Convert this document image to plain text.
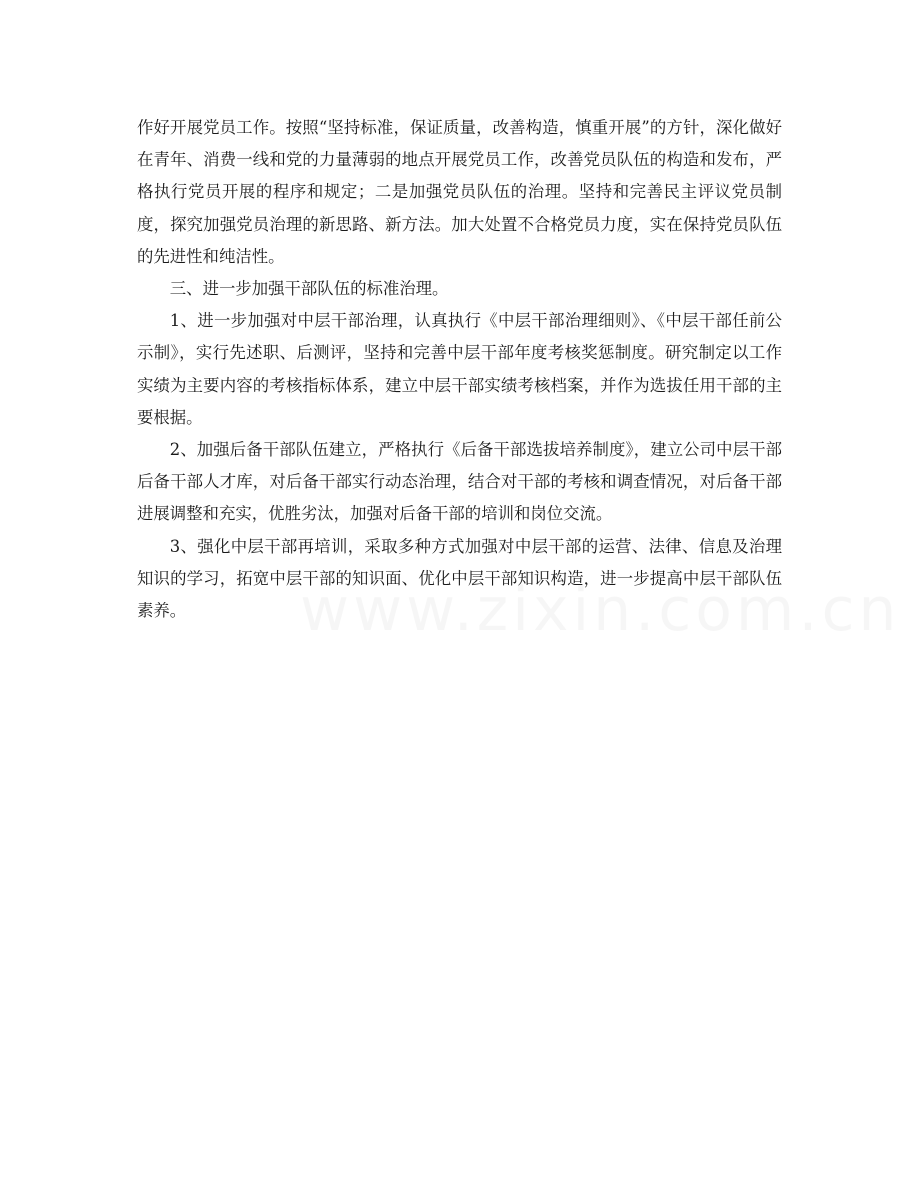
作好开展党员工作。按照“坚持标准，保证质量，改善构造，慎重开展”的方针，深化做好在青年、消费一线和党的力量薄弱的地点开展党员工作，改善党员队伍的构造和发布，严格执行党员开展的程序和规定；二是加强党员队伍的治理。坚持和完善民主评议党员制度，探究加强党员治理的新思路、新方法。加大处置不合格党员力度，实在保持党员队伍的先进性和纯洁性。

三、进一步加强干部队伍的标准治理。

1、进一步加强对中层干部治理，认真执行《中层干部治理细则》、《中层干部任前公示制》，实行先述职、后测评，坚持和完善中层干部年度考核奖惩制度。研究制定以工作实绩为主要内容的考核指标体系，建立中层干部实绩考核档案，并作为选拔任用干部的主要根据。

2、加强后备干部队伍建立，严格执行《后备干部选拔培养制度》，建立公司中层干部后备干部人才库，对后备干部实行动态治理，结合对干部的考核和调查情况，对后备干部进展调整和充实，优胜劣汰，加强对后备干部的培训和岗位交流。

3、强化中层干部再培训，采取多种方式加强对中层干部的运营、法律、信息及治理知识的学习，拓宽中层干部的知识面、优化中层干部知识构造，进一步提高中层干部队伍素养。
